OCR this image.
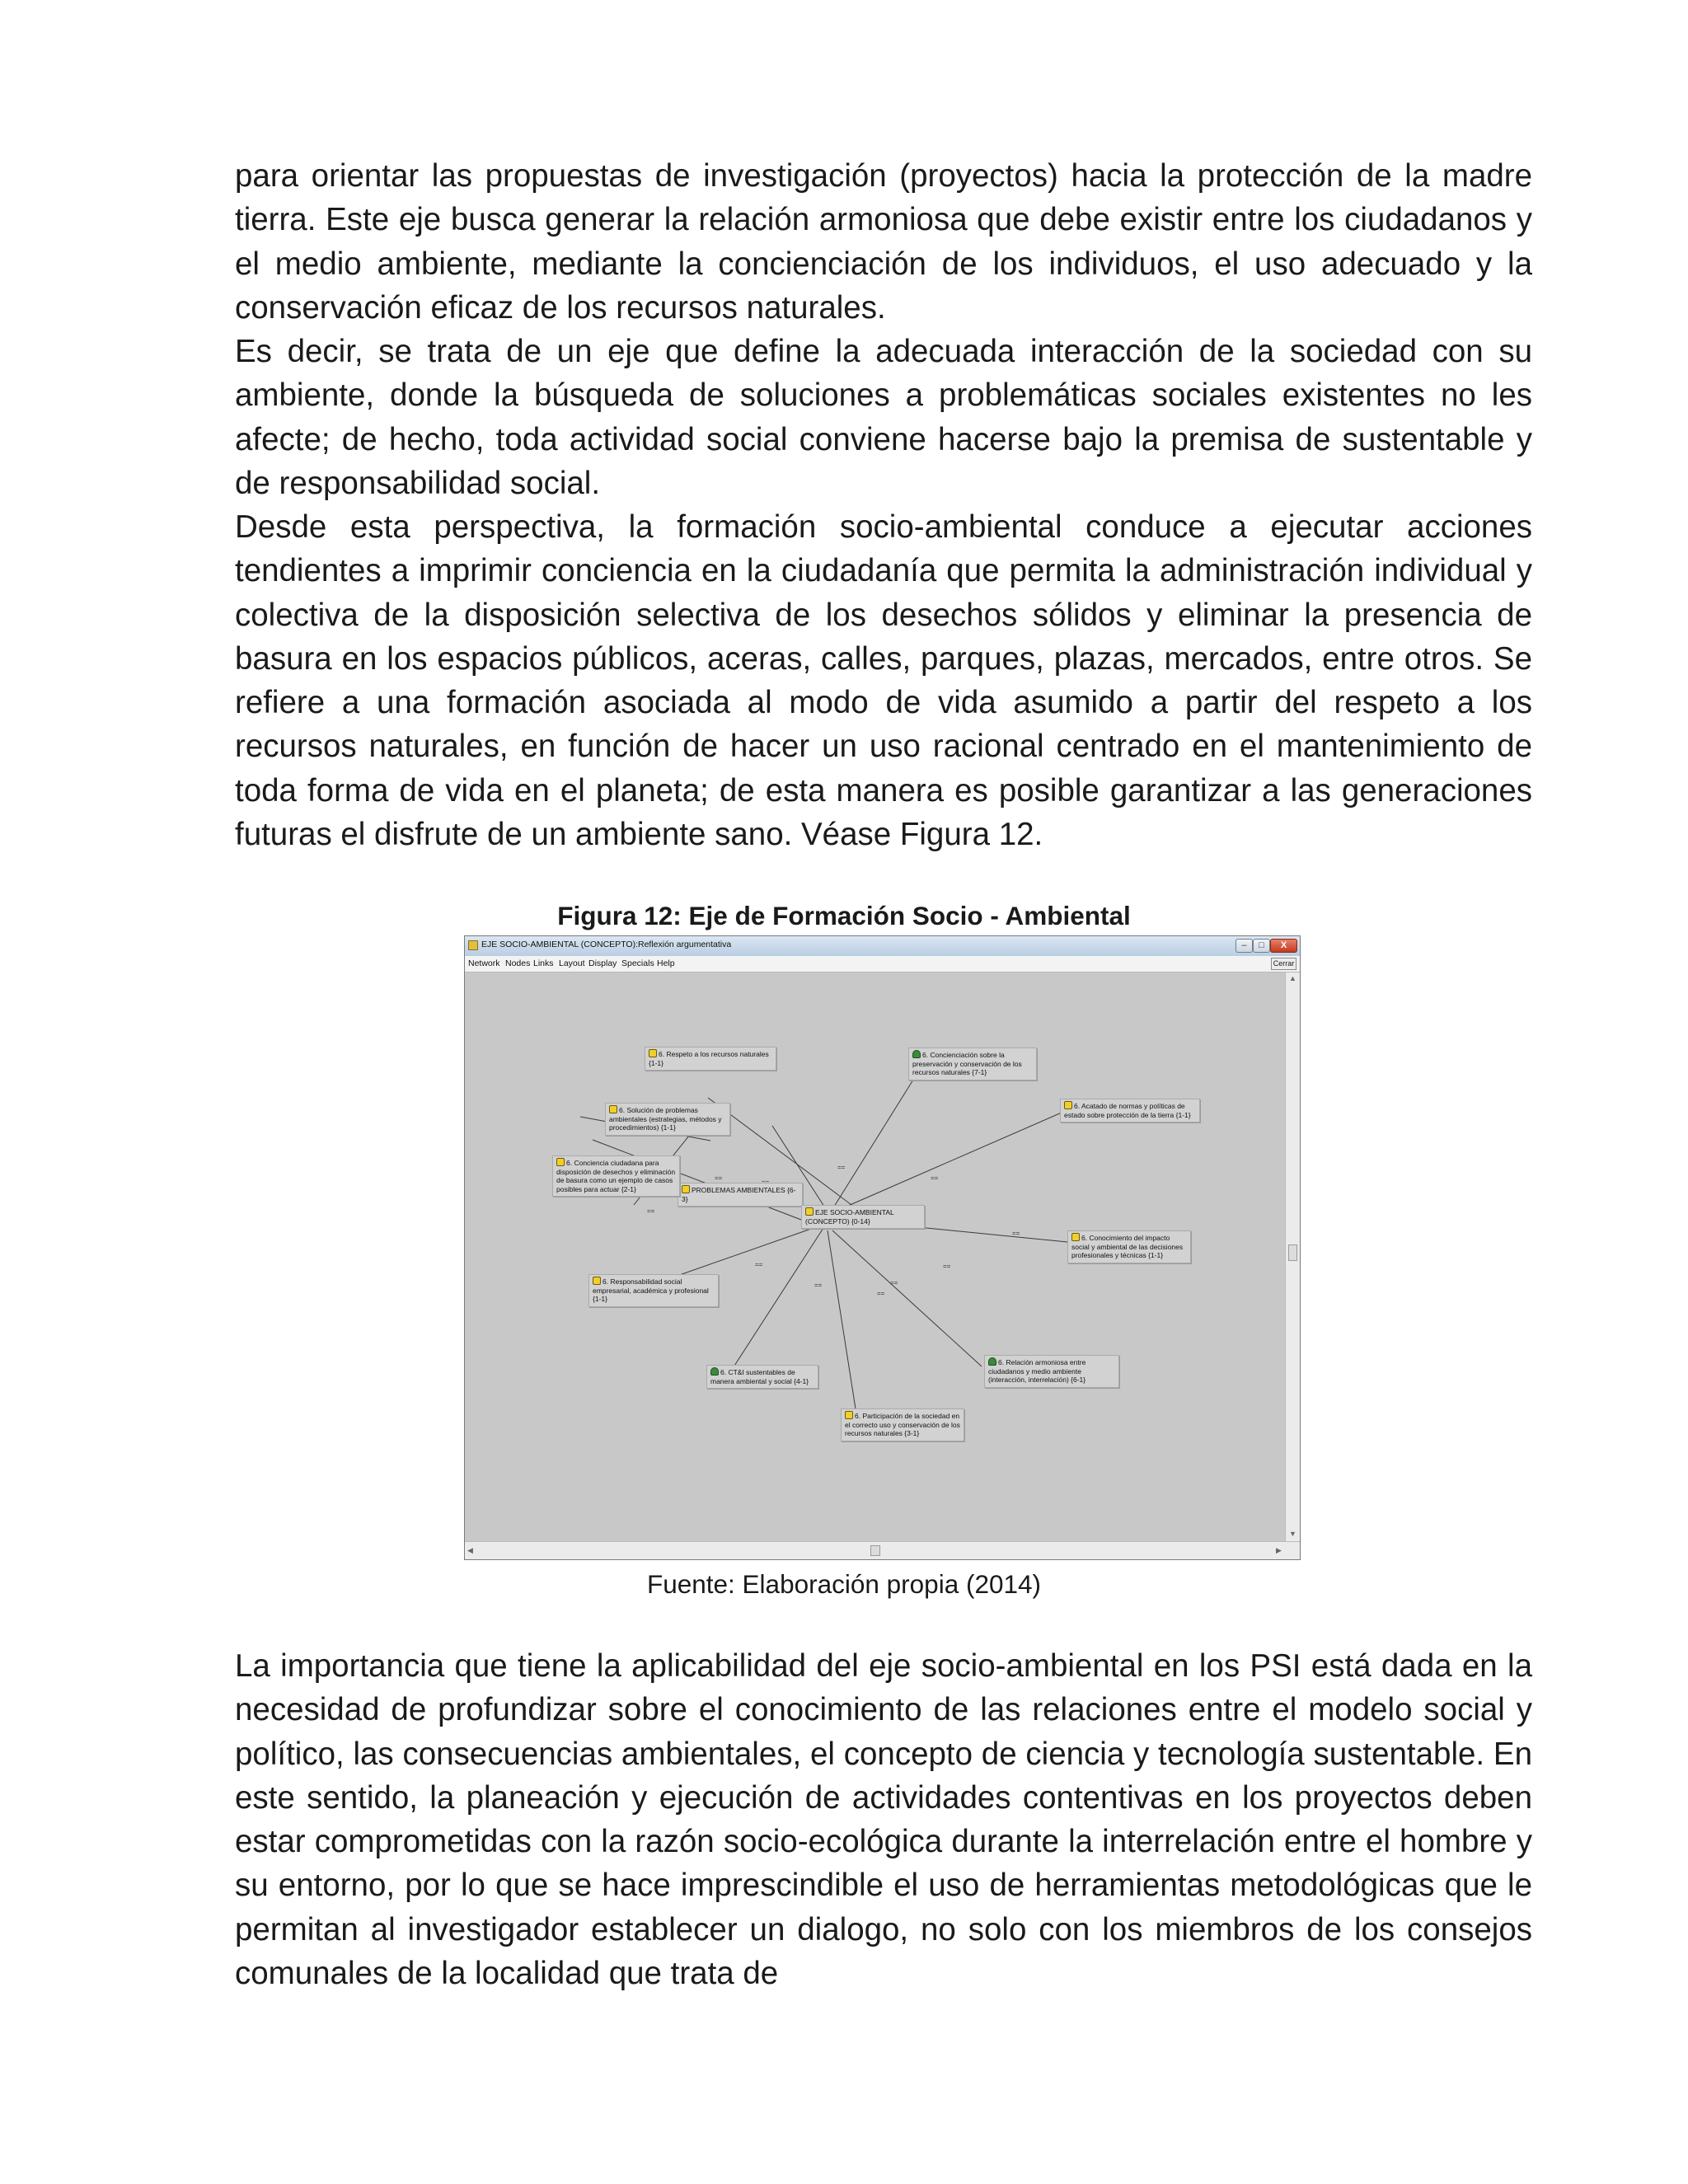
para orientar las propuestas de investigación (proyectos) hacia la protección de la madre tierra. Este eje busca generar la relación armoniosa que debe existir entre los ciudadanos y el medio ambiente, mediante la concienciación de los individuos, el uso adecuado y la conservación eficaz de los recursos naturales.

Es decir, se trata de un eje que define la adecuada interacción de la sociedad con su ambiente, donde la búsqueda de soluciones a problemáticas sociales existentes no les afecte; de hecho, toda actividad social conviene hacerse bajo la premisa de sustentable y de responsabilidad social.

Desde esta perspectiva, la formación socio-ambiental conduce a ejecutar acciones tendientes a imprimir conciencia en la ciudadanía que permita la administración individual y colectiva de la disposición selectiva de los desechos sólidos y eliminar la presencia de basura en los espacios públicos, aceras, calles, parques, plazas, mercados, entre otros. Se refiere a una formación asociada al modo de vida asumido a partir del respeto a los recursos naturales, en función de hacer un uso racional centrado en el mantenimiento de toda forma de vida en el planeta; de esta manera es posible garantizar a las generaciones futuras el disfrute de un ambiente sano. Véase Figura 12.

Figura 12: Eje de Formación Socio - Ambiental

EJE SOCIO-AMBIENTAL (CONCEPTO):Reflexión argumentativa	–	□	X
Network Nodes Links Layout Display Specials Help	Cerrar
==
==
==
==
==
==
==	==
==
==
PROBLEMAS AMBIENTALES {6-3}
EJE SOCIO-AMBIENTAL (CONCEPTO) {0-14}
6. Respeto a los recursos naturales {1-1}
6. Concienciación sobre la preservación y conservación de los recursos naturales {7-1}
6. Solución de problemas ambientales (estrategias, métodos y procedimientos) {1-1}
6. Acatado de normas y políticas de estado sobre protección de la tierra {1-1}
6. Conciencia ciudadana para disposición de desechos y eliminación de basura como un ejemplo de casos posibles para actuar {2-1}
6. Conocimiento del impacto social y ambiental de las decisiones profesionales y técnicas {1-1}
6. Responsabilidad social empresarial, académica y profesional {1-1}
6. Relación armoniosa entre ciudadanos y medio ambiente (interacción, interrelación) {6-1}
6. CT&I sustentables de manera ambiental y social {4-1}
6. Participación de la sociedad en el correcto uso y conservación de los recursos naturales {3-1}
▲
▼
◀	▶

Fuente: Elaboración propia (2014)

La importancia que tiene la aplicabilidad del eje socio-ambiental en los PSI está dada en la necesidad de profundizar sobre el conocimiento de las relaciones entre el modelo social y político, las consecuencias ambientales, el concepto de ciencia y tecnología sustentable. En este sentido, la planeación y ejecución de actividades contentivas en los proyectos deben estar comprometidas con la razón socio-ecológica durante la interrelación entre el hombre y su entorno, por lo que se hace imprescindible el uso de herramientas metodológicas que le permitan al investigador establecer un dialogo, no solo con los miembros de los consejos comunales de la localidad que trata de
